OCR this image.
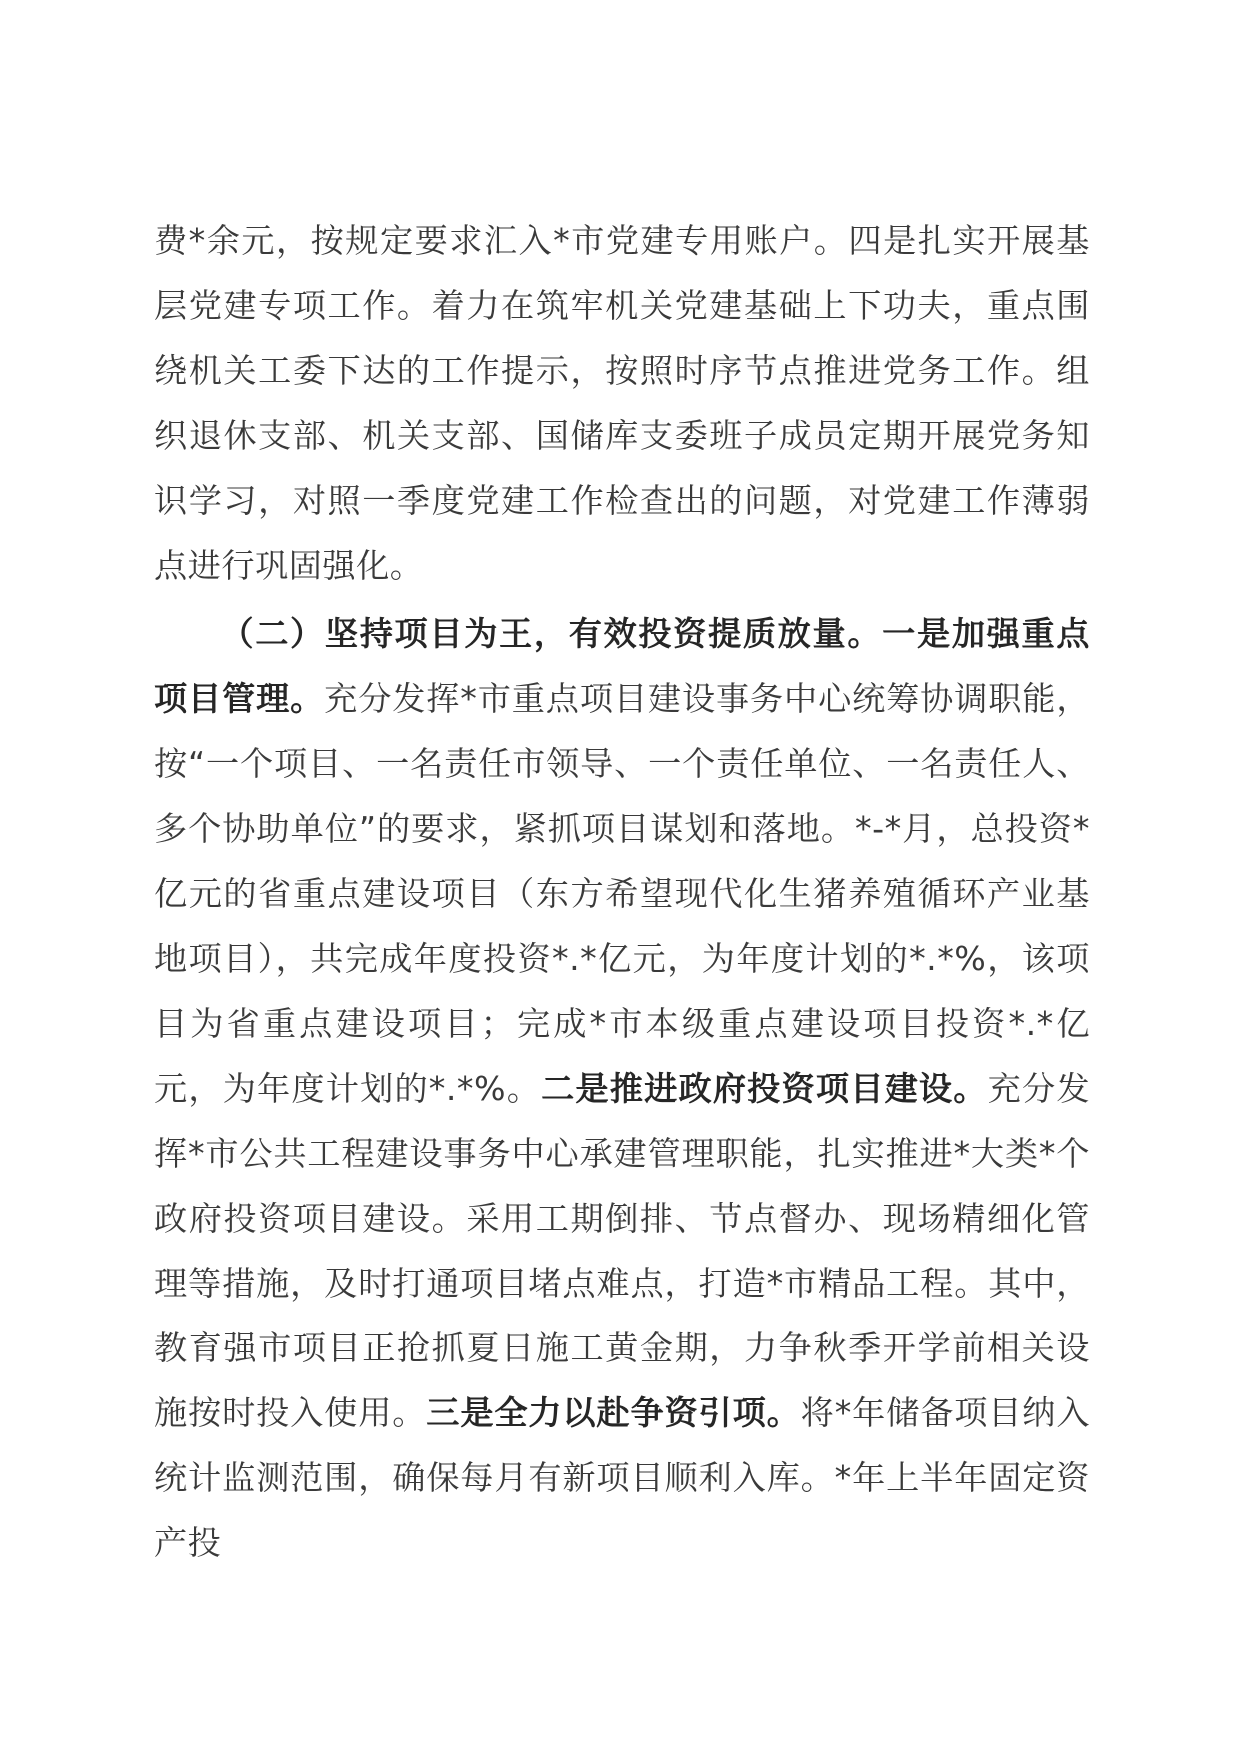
费*余元，按规定要求汇入*市党建专用账户。四是扎实开展基层党建专项工作。着力在筑牢机关党建基础上下功夫，重点围绕机关工委下达的工作提示，按照时序节点推进党务工作。组织退休支部、机关支部、国储库支委班子成员定期开展党务知识学习，对照一季度党建工作检查出的问题，对党建工作薄弱点进行巩固强化。

（二）坚持项目为王，有效投资提质放量。一是加强重点项目管理。充分发挥*市重点项目建设事务中心统筹协调职能，按“一个项目、一名责任市领导、一个责任单位、一名责任人、多个协助单位”的要求，紧抓项目谋划和落地。*-*月，总投资*亿元的省重点建设项目（东方希望现代化生猪养殖循环产业基地项目），共完成年度投资*.*亿元，为年度计划的*.*%，该项目为省重点建设项目；完成*市本级重点建设项目投资*.*亿元，为年度计划的*.*%。二是推进政府投资项目建设。充分发挥*市公共工程建设事务中心承建管理职能，扎实推进*大类*个政府投资项目建设。采用工期倒排、节点督办、现场精细化管理等措施，及时打通项目堵点难点，打造*市精品工程。其中，教育强市项目正抢抓夏日施工黄金期，力争秋季开学前相关设施按时投入使用。三是全力以赴争资引项。将*年储备项目纳入统计监测范围，确保每月有新项目顺利入库。*年上半年固定资产投
